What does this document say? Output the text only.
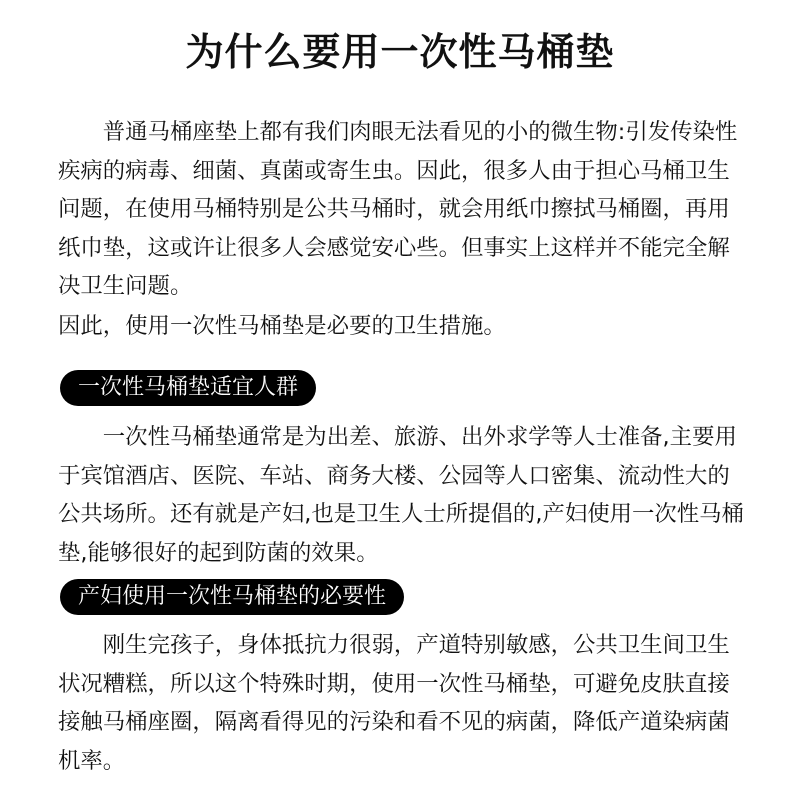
为什么要用一次性马桶垫

普通马桶座垫上都有我们肉眼无法看见的小的微生物:引发传染性疾病的病毒、细菌、真菌或寄生虫。因此，很多人由于担心马桶卫生问题，在使用马桶特别是公共马桶时，就会用纸巾擦拭马桶圈，再用纸巾垫，这或许让很多人会感觉安心些。但事实上这样并不能完全解决卫生问题。

因此，使用一次性马桶垫是必要的卫生措施。

一次性马桶垫适宜人群

一次性马桶垫通常是为出差、旅游、出外求学等人士准备,主要用于宾馆酒店、医院、车站、商务大楼、公园等人口密集、流动性大的公共场所。还有就是产妇,也是卫生人士所提倡的,产妇使用一次性马桶垫,能够很好的起到防菌的效果。

产妇使用一次性马桶垫的必要性

刚生完孩子，身体抵抗力很弱，产道特别敏感，公共卫生间卫生状况糟糕，所以这个特殊时期，使用一次性马桶垫，可避免皮肤直接接触马桶座圈，隔离看得见的污染和看不见的病菌，降低产道染病菌机率。
